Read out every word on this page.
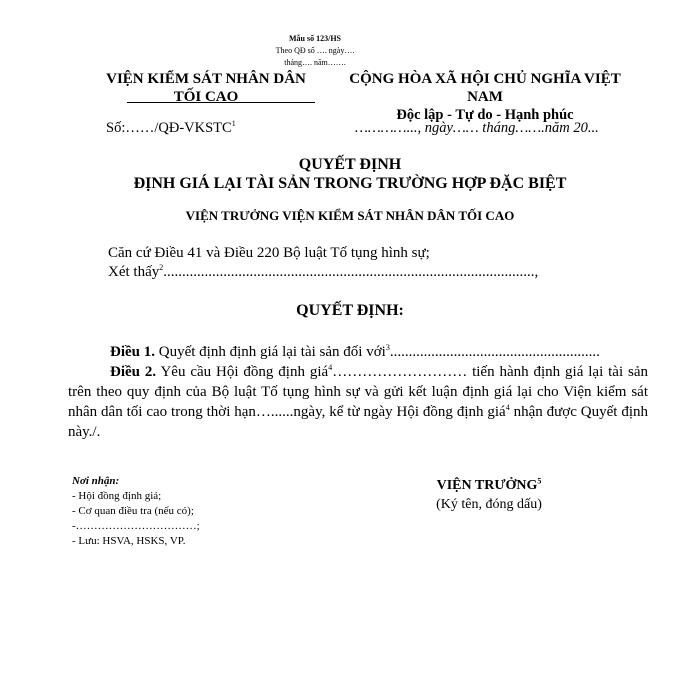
Mẫu số 123/HS
Theo QĐ số …. ngày….
tháng…. năm…….
VIỆN KIỂM SÁT NHÂN DÂN
TỐI CAO
CỘNG HÒA XÃ HỘI CHỦ NGHĨA VIỆT NAM
Độc lập - Tự do - Hạnh phúc
Số:……/QĐ-VKSTC$^1$	…………..., ngày…… tháng…….năm 20...
QUYẾT ĐỊNH
ĐỊNH GIÁ LẠI TÀI SẢN TRONG TRƯỜNG HỢP ĐẶC BIỆT
VIỆN TRƯỞNG VIỆN KIỂM SÁT NHÂN DÂN TỐI CAO
Căn cứ Điều 41 và Điều 220 Bộ luật Tố tụng hình sự;
Xét thấy$^2$...................................................................................................,
QUYẾT ĐỊNH:

Điều 1. Quyết định định giá lại tài sản đối với$^3$........................................................

Điều 2. Yêu cầu Hội đồng định giá$^4$……………………… tiến hành định giá lại tài sản trên theo quy định của Bộ luật Tố tụng hình sự và gửi kết luận định giá lại cho Viện kiểm sát nhân dân tối cao trong thời hạn…......ngày, kể từ ngày Hội đồng định giá$^4$ nhận được Quyết định này./.

Nơi nhận:
- Hội đồng định giá;
- Cơ quan điều tra (nếu có);
-……………………………;
- Lưu: HSVA, HSKS, VP.
VIỆN TRƯỞNG$^5$
(Ký tên, đóng dấu)
